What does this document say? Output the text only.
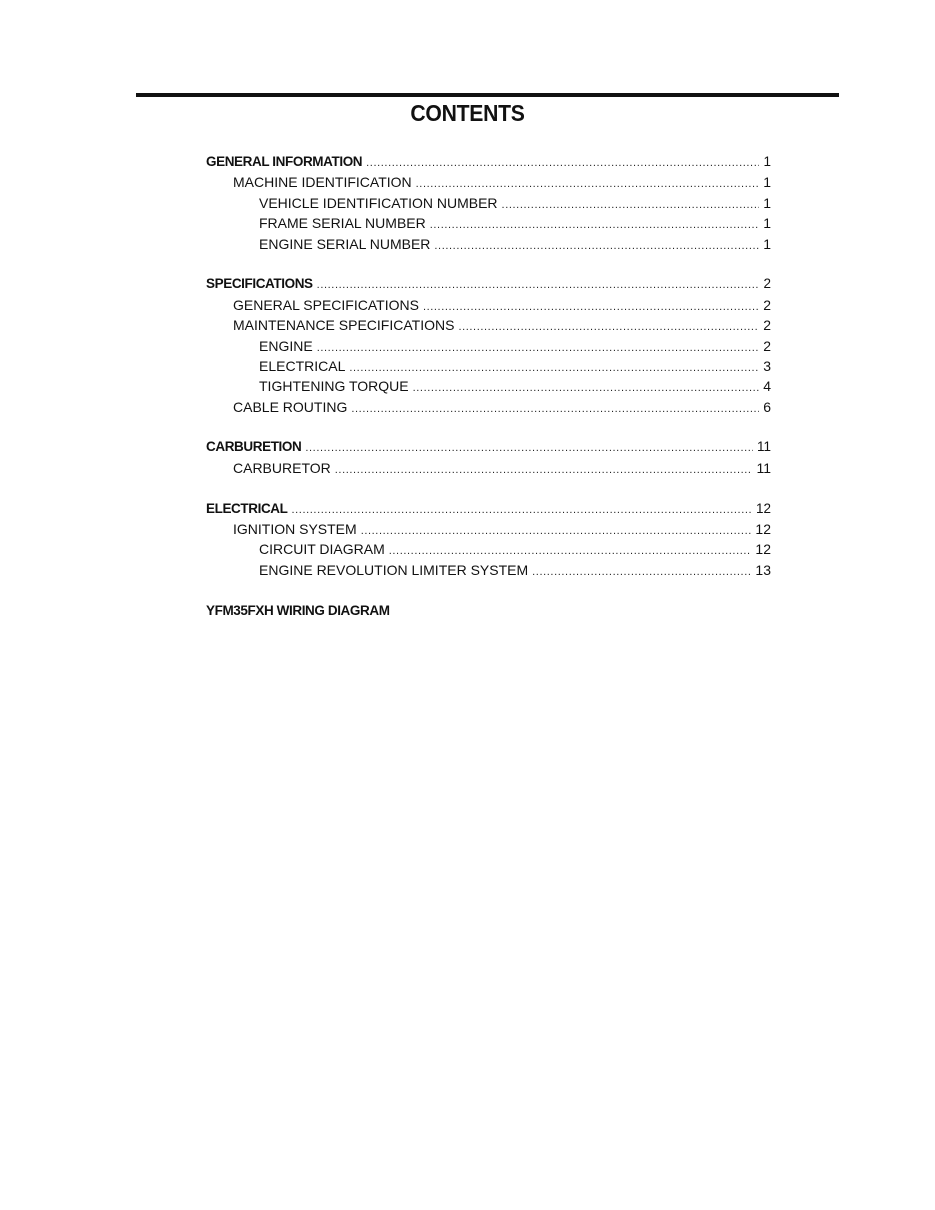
CONTENTS
GENERAL INFORMATION .....	1
MACHINE IDENTIFICATION .....	1
VEHICLE IDENTIFICATION NUMBER .....	1
FRAME SERIAL NUMBER .....	1
ENGINE SERIAL NUMBER .....	1
SPECIFICATIONS .....	2
GENERAL SPECIFICATIONS .....	2
MAINTENANCE SPECIFICATIONS .....	2
ENGINE .....	2
ELECTRICAL .....	3
TIGHTENING TORQUE .....	4
CABLE ROUTING .....	6
CARBURETION .....	11
CARBURETOR .....	11
ELECTRICAL .....	12
IGNITION SYSTEM .....	12
CIRCUIT DIAGRAM .....	12
ENGINE REVOLUTION LIMITER SYSTEM .....	13
YFM35FXH WIRING DIAGRAM
